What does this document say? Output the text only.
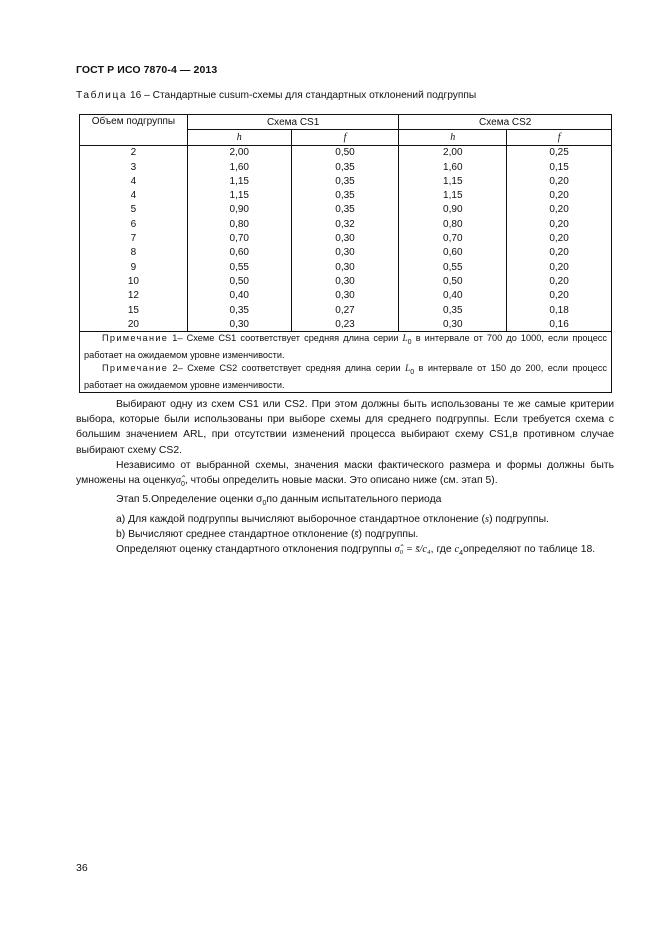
ГОСТ Р ИСО 7870-4 — 2013
Таблица 16 – Стандартные cusum-схемы для стандартных отклонений подгруппы
Объем подгруппы	Схема CS1		Схема CS2	
	h	f	h	f
2	2,00	0,50	2,00	0,25
3	1,60	0,35	1,60	0,15
4	1,15	0,35	1,15	0,20
4	1,15	0,35	1,15	0,20
5	0,90	0,35	0,90	0,20
6	0,80	0,32	0,80	0,20
7	0,70	0,30	0,70	0,20
8	0,60	0,30	0,60	0,20
9	0,55	0,30	0,55	0,20
10	0,50	0,30	0,50	0,20
12	0,40	0,30	0,40	0,20
15	0,35	0,27	0,35	0,18
20	0,30	0,23	0,30	0,16
Примечание 1– Схеме CS1 соответствует средняя длина серии $L_0$ в интервале от 700 до 1000, если процесс работает на ожидаемом уровне изменчивости.				
Примечание 2– Схеме CS2 соответствует средняя длина серии $L_0$ в интервале от 150 до 200, если процесс работает на ожидаемом уровне изменчивости.				

Выбирают одну из схем CS1 или CS2. При этом должны быть использованы те же самые критерии выбора, которые были использованы при выборе схемы для среднего подгруппы. Если требуется схема с большим значением ARL, при отсутствии изменений процесса выбирают схему CS1,в противном случае выбирают схему CS2.

Независимо от выбранной схемы, значения маски фактического размера и формы должны быть умножены на $оценку\sigmâ_0$, чтобы определить новые маски. Это описано ниже (см. этап 5).

Этап 5.Определение оценки $\sigma_0по$ данным испытательного периода

a) Для каждой подгруппы вычисляют выборочное стандартное отклонение (s) подгруппы.

b) Вычисляют среднее стандартное отклонение (s̄) подгруппы.

Определяют оценку стандартного отклонения подгруппы σ̂₀ = s̄/c₄, где $c_4определяют$ по таблице 18.

36
